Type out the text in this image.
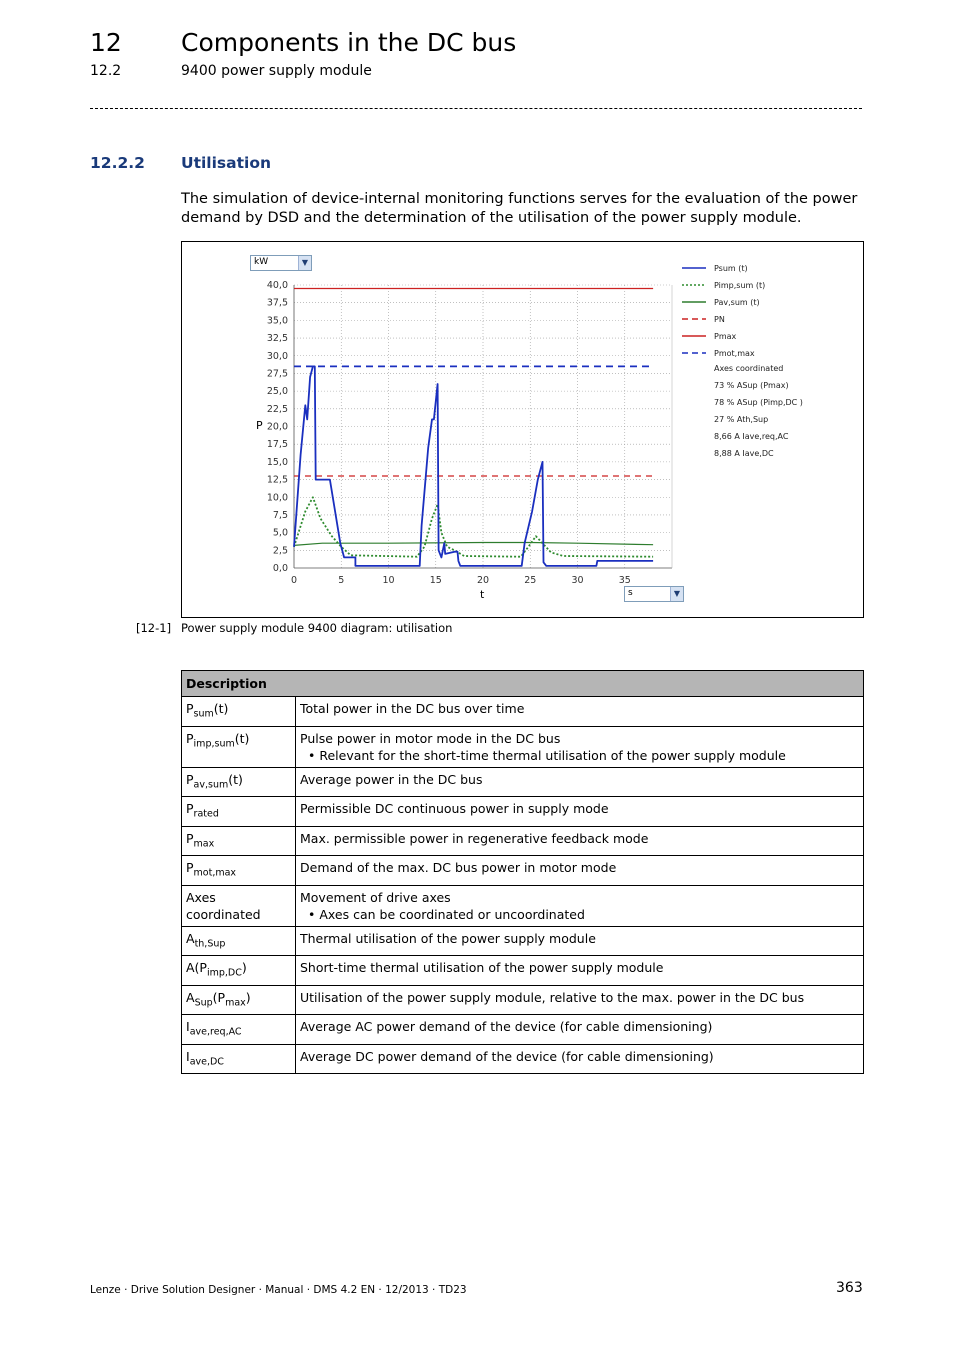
12 Components in the DC bus
12.2	9400 power supply module
12.2.2 Utilisation
The simulation of device-internal monitoring functions serves for the evaluation of the power demand by DSD and the determination of the utilisation of the power supply module.
kW	▼
s	▼
0,0
2,5
5,0
7,5
10,0
12,5
15,0
17,5
20,0
22,5
25,0
27,5
30,0
32,5
35,0
37,5
40,0
0	5	10	15	20	25	30	35
P
t
Psum (t)
Pimp,sum (t)
Pav,sum (t)
PN
Pmax
Pmot,max
Axes coordinated
73 % ASup (Pmax)
78 % ASup (Pimp,DC )
27 % Ath,Sup
8,66 A Iave,req,AC
8,88 A Iave,DC
[12-1] Power supply module 9400 diagram: utilisation
Description	
$P_{sum}(t)$	Total power in the DC bus over time

$P_{imp,sum}(t)$	Pulse power in motor mode in the DC bus
• Relevant for the short-time thermal utilisation of the power supply module

$P_{av,sum}(t)$	Average power in the DC bus

$P_{rated}$	Permissible DC continuous power in supply mode

$P_{max}$	Max. permissible power in regenerative feedback mode

$P_{mot,max}$	Demand of the max. DC bus power in motor mode

Axes coordinated	Movement of drive axes
• Axes can be coordinated or uncoordinated

$A_{th,Sup}$	Thermal utilisation of the power supply module

$A(P_{imp,DC})$	Short-time thermal utilisation of the power supply module

$A_{Sup}(P_{max})$	Utilisation of the power supply module, relative to the max. power in the DC bus

$I_{ave,req,AC}$	Average AC power demand of the device (for cable dimensioning)

$I_{ave,DC}$	Average DC power demand of the device (for cable dimensioning)
Lenze · Drive Solution Designer · Manual · DMS 4.2 EN · 12/2013 · TD23	363
